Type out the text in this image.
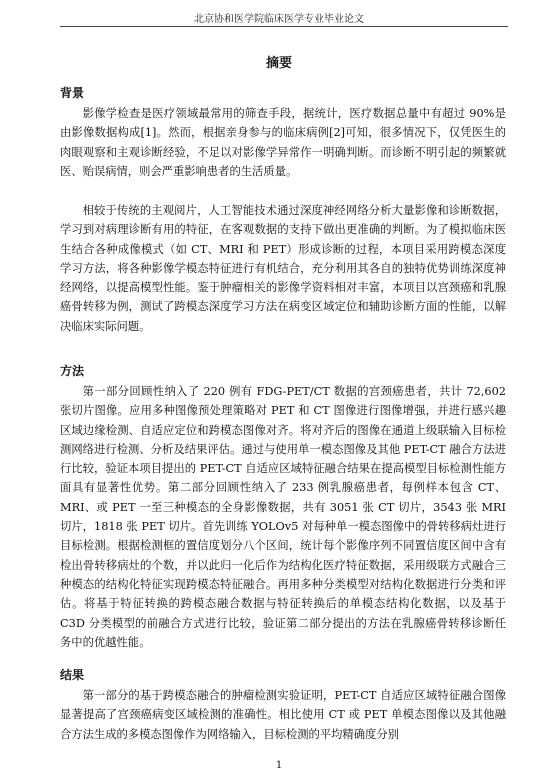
北京协和医学院临床医学专业毕业论文
摘要
背景

影像学检查是医疗领域最常用的筛查手段，据统计，医疗数据总量中有超过 90%是由影像数据构成[1]。然而，根据亲身参与的临床病例[2]可知，很多情况下，仅凭医生的肉眼观察和主观诊断经验，不足以对影像学异常作一明确判断。而诊断不明引起的频繁就医、贻误病情，则会严重影响患者的生活质量。

相较于传统的主观阅片，人工智能技术通过深度神经网络分析大量影像和诊断数据，学习到对病理诊断有用的特征，在客观数据的支持下做出更准确的判断。为了模拟临床医生结合各种成像模式（如 CT、MRI 和 PET）形成诊断的过程，本项目采用跨模态深度学习方法，将各种影像学模态特征进行有机结合，充分利用其各自的独特优势训练深度神经网络，以提高模型性能。鉴于肿瘤相关的影像学资料相对丰富，本项目以宫颈癌和乳腺癌骨转移为例，测试了跨模态深度学习方法在病变区域定位和辅助诊断方面的性能，以解决临床实际问题。

方法

第一部分回顾性纳入了 220 例有 FDG-PET/CT 数据的宫颈癌患者，共计 72,602 张切片图像。应用多种图像预处理策略对 PET 和 CT 图像进行图像增强，并进行感兴趣区域边缘检测、自适应定位和跨模态图像对齐。将对齐后的图像在通道上级联输入目标检测网络进行检测、分析及结果评估。通过与使用单一模态图像及其他 PET-CT 融合方法进行比较，验证本项目提出的 PET-CT 自适应区域特征融合结果在提高模型目标检测性能方面具有显著性优势。第二部分回顾性纳入了 233 例乳腺癌患者，每例样本包含 CT、MRI、或 PET 一至三种模态的全身影像数据，共有 3051 张 CT 切片，3543 张 MRI 切片，1818 张 PET 切片。首先训练 YOLOv5 对每种单一模态图像中的骨转移病灶进行目标检测。根据检测框的置信度划分八个区间，统计每个影像序列不同置信度区间中含有检出骨转移病灶的个数，并以此归一化后作为结构化医疗特征数据，采用级联方式融合三种模态的结构化特征实现跨模态特征融合。再用多种分类模型对结构化数据进行分类和评估。将基于特征转换的跨模态融合数据与特征转换后的单模态结构化数据，以及基于 C3D 分类模型的前融合方式进行比较，验证第二部分提出的方法在乳腺癌骨转移诊断任务中的优越性能。

结果

第一部分的基于跨模态融合的肿瘤检测实验证明，PET-CT 自适应区域特征融合图像显著提高了宫颈癌病变区域检测的准确性。相比使用 CT 或 PET 单模态图像以及其他融合方法生成的多模态图像作为网络输入，目标检测的平均精确度分别

1
